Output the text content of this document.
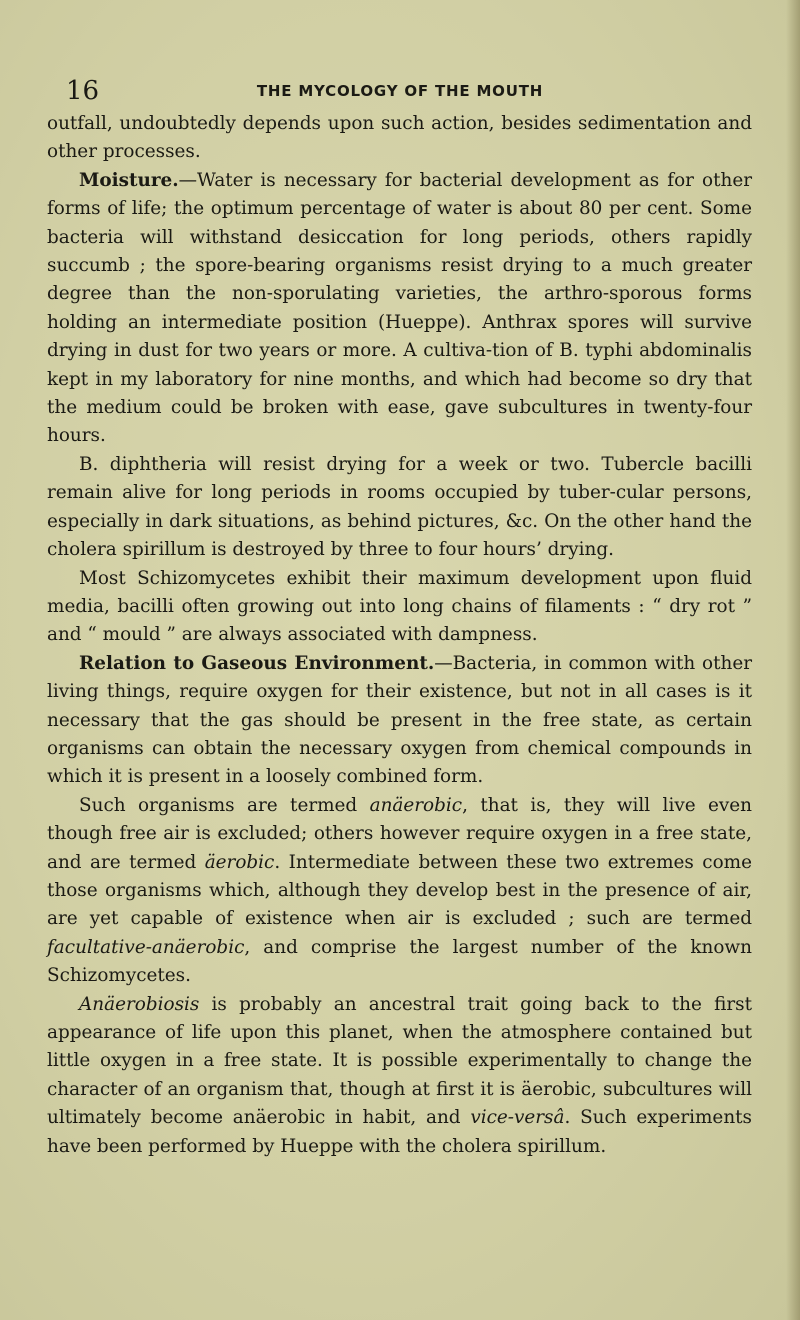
16	THE MYCOLOGY OF THE MOUTH

outfall, undoubtedly depends upon such action, besides sedimentation and other processes.

Moisture.—Water is necessary for bacterial development as for other forms of life; the optimum percentage of water is about 80 per cent. Some bacteria will withstand desiccation for long periods, others rapidly succumb ; the spore-bearing organisms resist drying to a much greater degree than the non-sporulating varieties, the arthro-sporous forms holding an intermediate position (Hueppe). Anthrax spores will survive drying in dust for two years or more. A cultiva-tion of B. typhi abdominalis kept in my laboratory for nine months, and which had become so dry that the medium could be broken with ease, gave subcultures in twenty-four hours.

B. diphtheria will resist drying for a week or two. Tubercle bacilli remain alive for long periods in rooms occupied by tuber-cular persons, especially in dark situations, as behind pictures, &c. On the other hand the cholera spirillum is destroyed by three to four hours’ drying.

Most Schizomycetes exhibit their maximum development upon fluid media, bacilli often growing out into long chains of filaments : “ dry rot ” and “ mould ” are always associated with dampness.

Relation to Gaseous Environment.—Bacteria, in common with other living things, require oxygen for their existence, but not in all cases is it necessary that the gas should be present in the free state, as certain organisms can obtain the necessary oxygen from chemical compounds in which it is present in a loosely combined form.

Such organisms are termed anäerobic, that is, they will live even though free air is excluded; others however require oxygen in a free state, and are termed äerobic. Intermediate between these two extremes come those organisms which, although they develop best in the presence of air, are yet capable of existence when air is excluded ; such are termed facultative-anäerobic, and comprise the largest number of the known Schizomycetes.

Anäerobiosis is probably an ancestral trait going back to the first appearance of life upon this planet, when the atmosphere contained but little oxygen in a free state. It is possible experimentally to change the character of an organism that, though at first it is äerobic, subcultures will ultimately become anäerobic in habit, and vice-versâ. Such experiments have been performed by Hueppe with the cholera spirillum.
